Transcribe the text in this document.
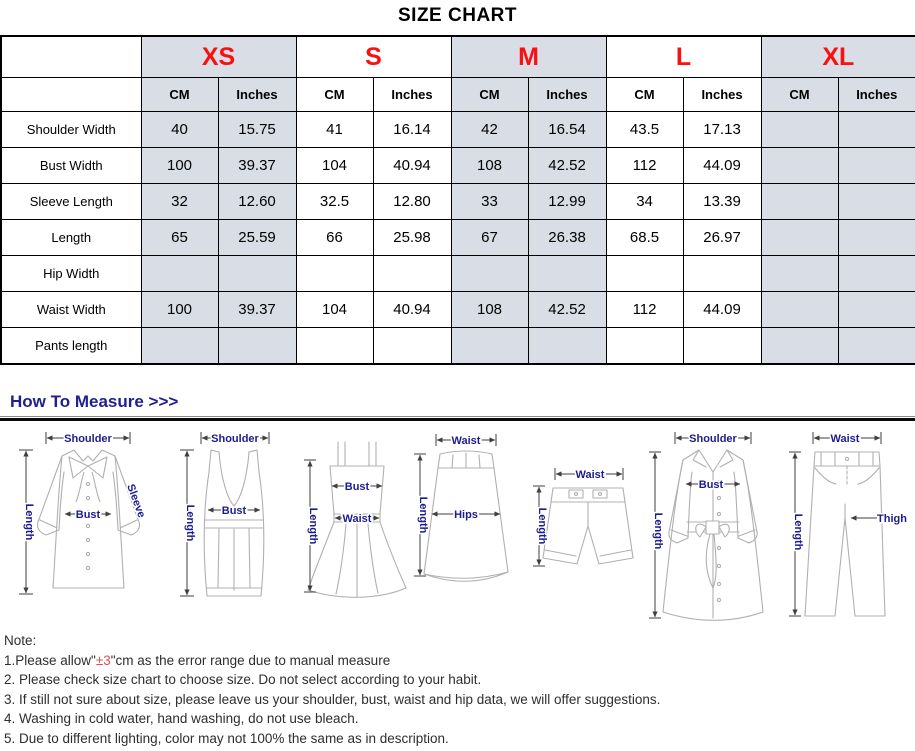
SIZE CHART
	XS		S		M		L		XL	
	CM	Inches	CM	Inches	CM	Inches	CM	Inches	CM	Inches
Shoulder Width	40	15.75	41	16.14	42	16.54	43.5	17.13		
Bust Width	100	39.37	104	40.94	108	42.52	112	44.09		
Sleeve Length	32	12.60	32.5	12.80	33	12.99	34	13.39		
Length	65	25.59	66	25.98	67	26.38	68.5	26.97		
Hip Width										
Waist Width	100	39.37	104	40.94	108	42.52	112	44.09		
Pants length										
How To Measure >>>
Shoulder
Length	Bust Sleeve
Shoulder
Length Bust	Length
Bust
Waist
Waist
Length Hips
Waist
Length
Shoulder
Bust
Length
Waist
Length	Thigh
Note:
1.Please allow"±3"cm as the error range due to manual measure
2. Please check size chart to choose size. Do not select according to your habit.
3. If still not sure about size, please leave us your shoulder, bust, waist and hip data, we will offer suggestions.
4. Washing in cold water, hand washing, do not use bleach.
5. Due to different lighting, color may not 100% the same as in description.
